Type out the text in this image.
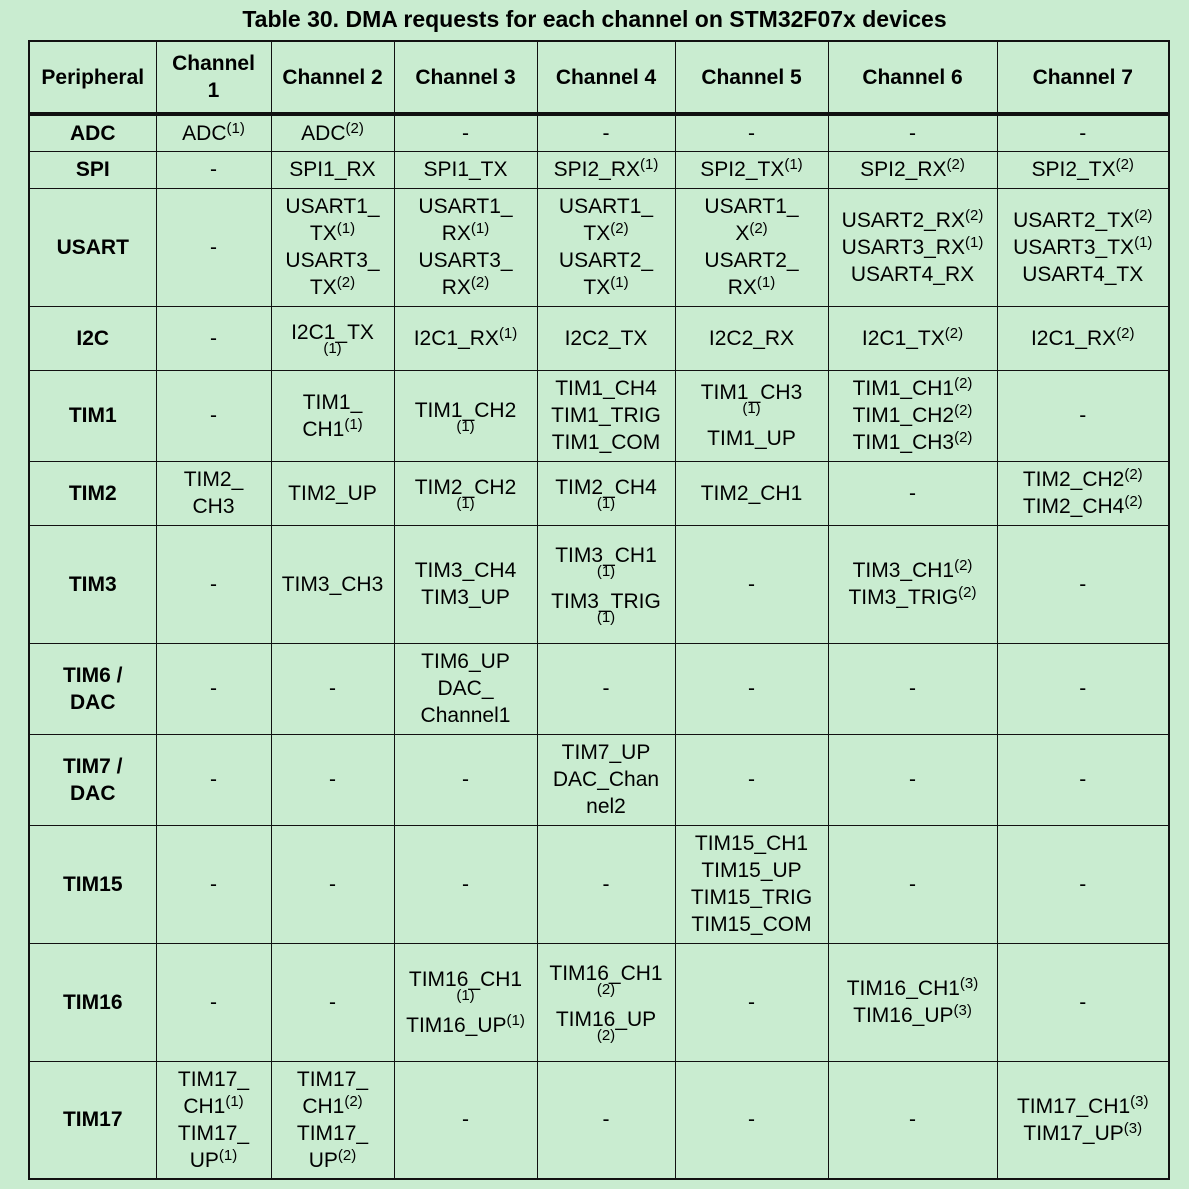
Table 30. DMA requests for each channel on STM32F07x devices
Peripheral	Channel 1	Channel 2	Channel 3	Channel 4	Channel 5	Channel 6	Channel 7
ADC	ADC$^{(1)}$	ADC$^{(2)}$	-	-	-	-	-

SPI	-	SPI1_RX	SPI1_TX	SPI2_RX$^{(1)}$	SPI2_TX$^{(1)}$	SPI2_RX$^{(2)}$	SPI2_TX$^{(2)}$

USART	-	USART1_
TX$^{(1)}$
USART3_
TX$^{(2)}$	USART1_
RX$^{(1)}$
USART3_
RX$^{(2)}$	USART1_
TX$^{(2)}$
USART2_
TX$^{(1)}$	USART1_
$X^{(2)}$
USART2_
RX$^{(1)}$	USART2_RX$^{(2)}$
USART3_RX$^{(1)}$
USART4_RX	USART2_TX$^{(2)}$
USART3_TX$^{(1)}$
USART4_TX

I2C	-	I2C1_TX
(1)	I2C1_RX$^{(1)}$	I2C2_TX	I2C2_RX	I2C1_TX$^{(2)}$	I2C1_RX$^{(2)}$

TIM1	-	TIM1_
CH1$^{(1)}$	TIM1_CH2
(1)	TIM1_CH4
TIM1_TRIG
TIM1_COM	TIM1_CH3
(1)
TIM1_UP	TIM1_CH1$^{(2)}$
TIM1_CH2$^{(2)}$
TIM1_CH3$^{(2)}$	-

TIM2	TIM2_
CH3	TIM2_UP	TIM2_CH2
(1)	TIM2_CH4
(1)	TIM2_CH1	-	TIM2_CH2$^{(2)}$
TIM2_CH4$^{(2)}$

TIM3	-	TIM3_CH3	TIM3_CH4
TIM3_UP	TIM3_CH1
(1)
TIM3_TRIG
(1)	-	TIM3_CH1$^{(2)}$
TIM3_TRIG$^{(2)}$	-

TIM6 /
DAC	-	-	TIM6_UP
DAC_
Channel1	-	-	-	-

TIM7 /
DAC	-	-	-	TIM7_UP
DAC_Chan
nel2	-	-	-

TIM15	-	-	-	-	TIM15_CH1
TIM15_UP
TIM15_TRIG
TIM15_COM	-	-

TIM16	-	-	TIM16_CH1
(1)
TIM16_UP$^{(1)}$	TIM16_CH1
(2)
TIM16_UP
(2)	-	TIM16_CH1$^{(3)}$
TIM16_UP$^{(3)}$	-

TIM17	TIM17_
CH1$^{(1)}$
TIM17_
UP$^{(1)}$	TIM17_
CH1$^{(2)}$
TIM17_
UP$^{(2)}$	-	-	-	-	TIM17_CH1$^{(3)}$
TIM17_UP$^{(3)}$
